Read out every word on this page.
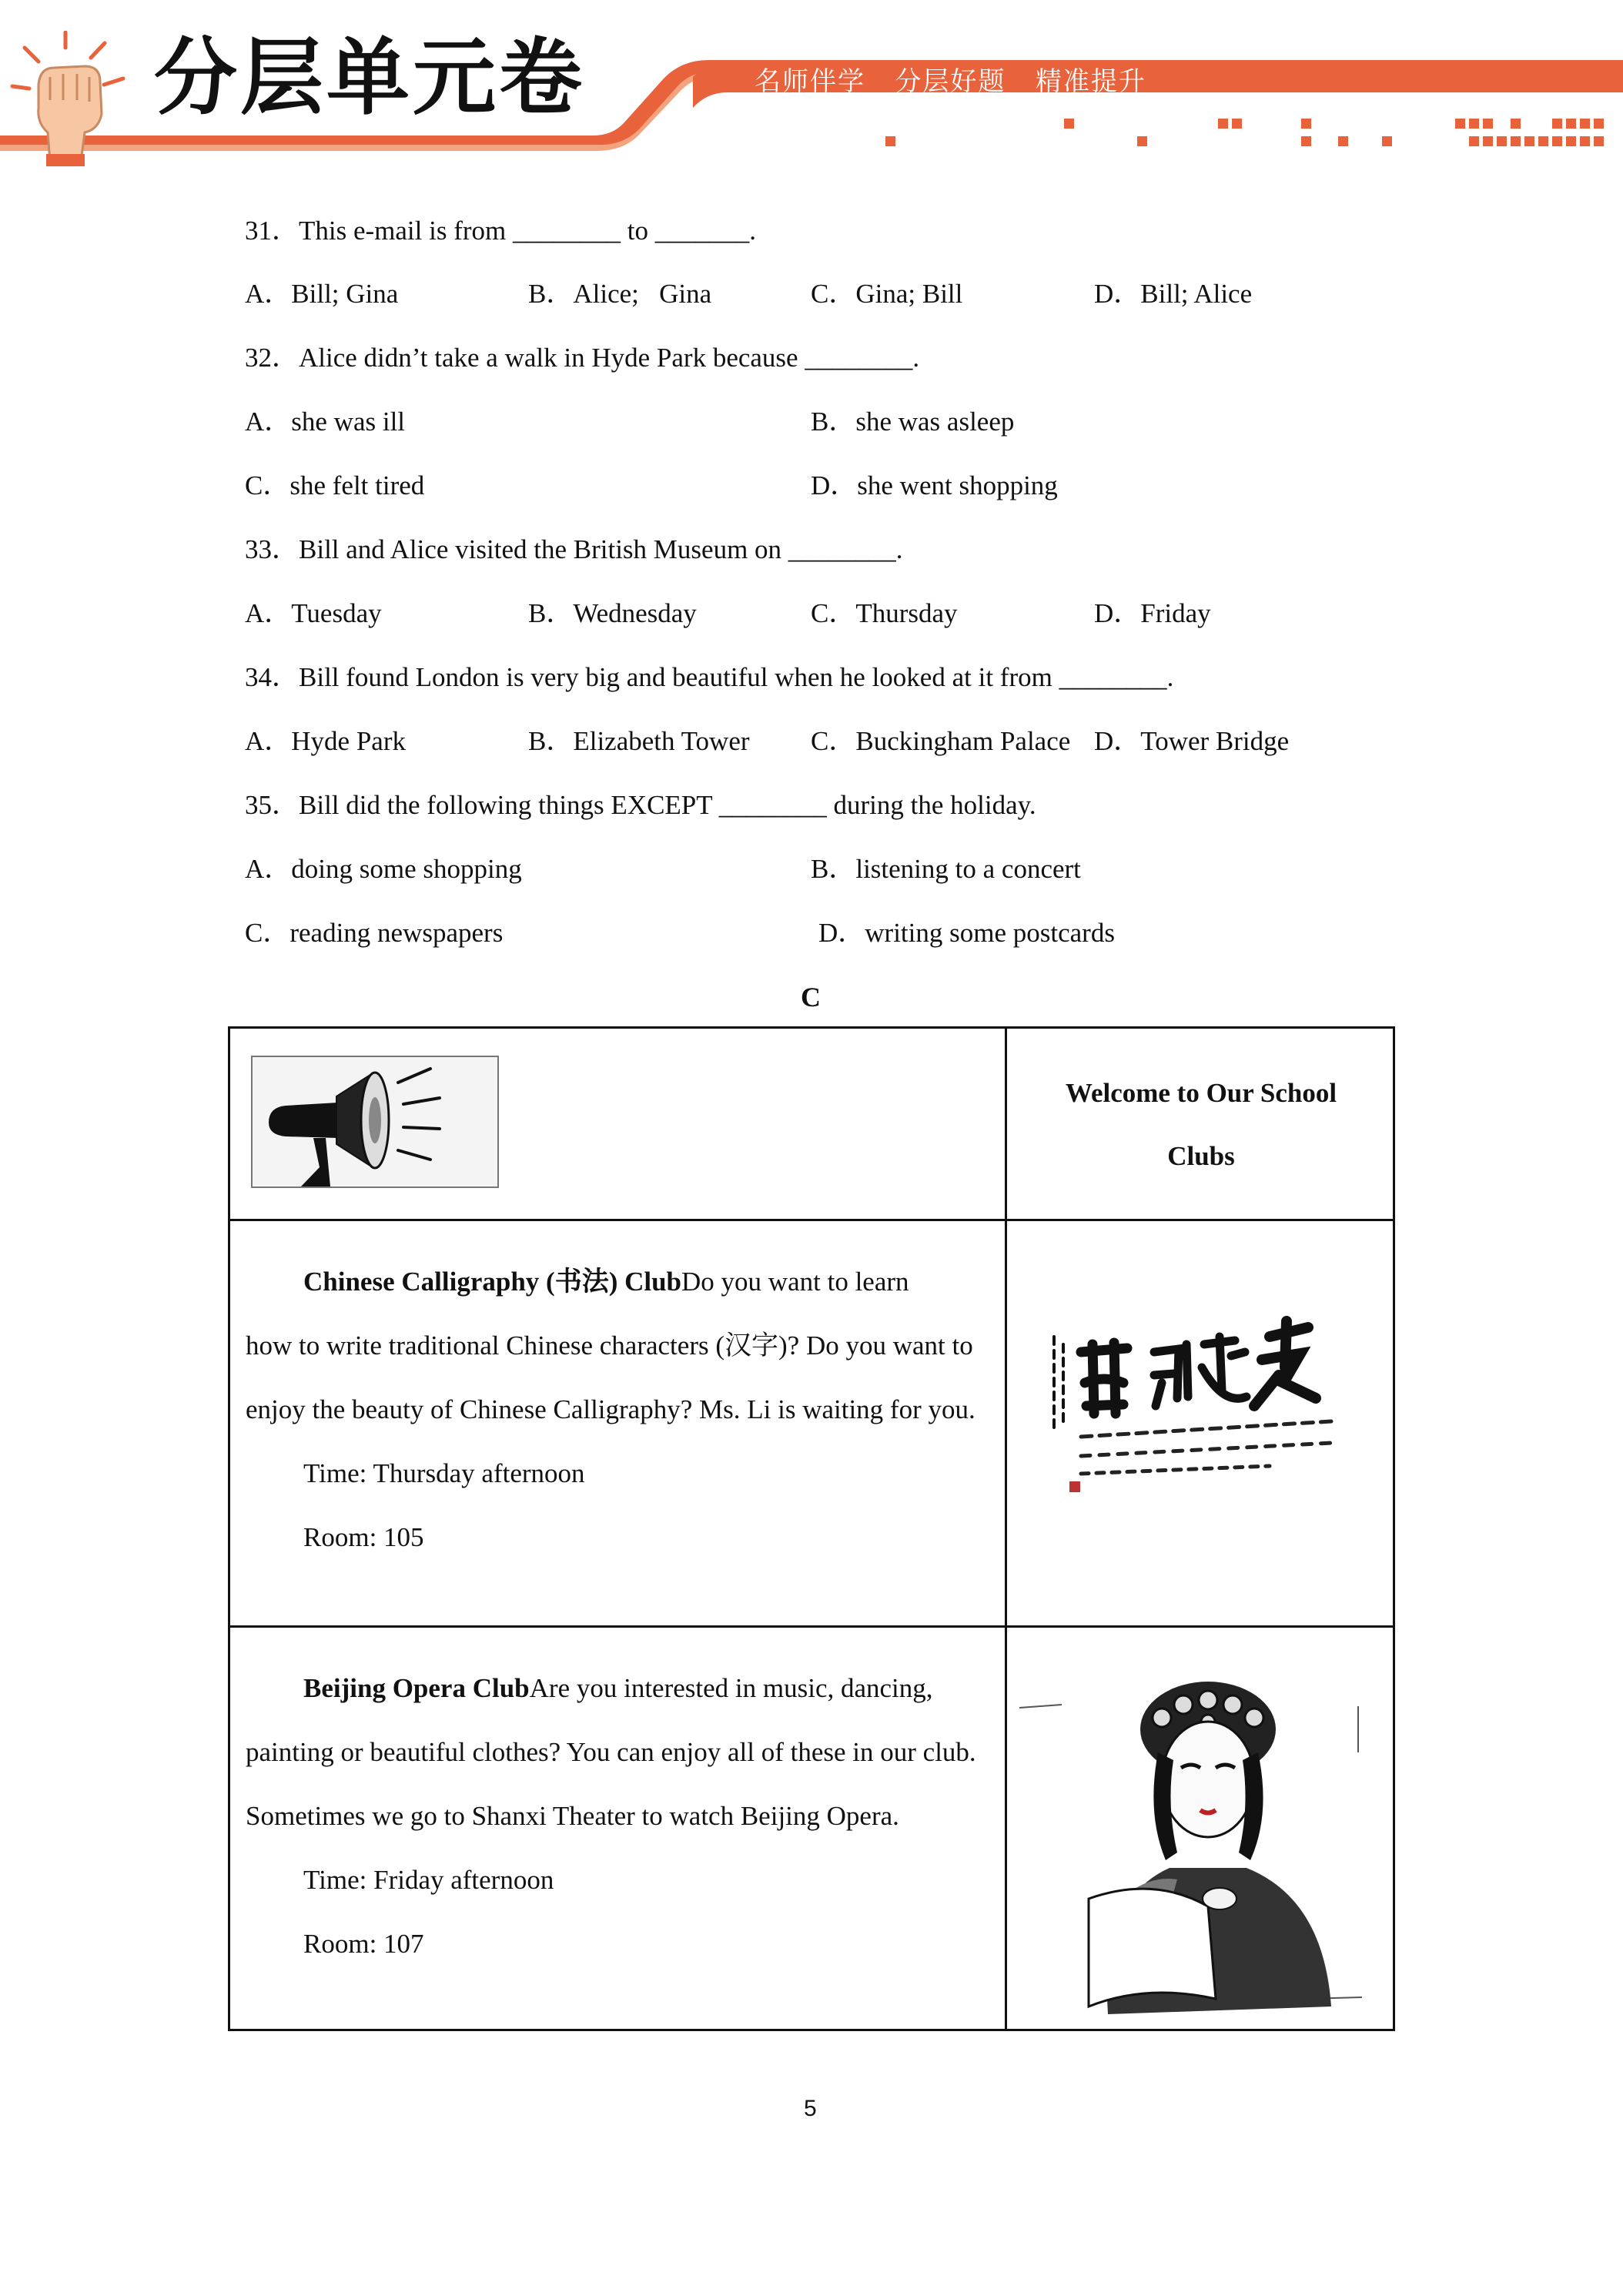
分层单元卷	名师伴学   分层好题   精准提升
31．This e-mail is from ________ to _______.
A．Bill; Gina	B．Alice;   Gina	C．Gina; Bill	D．Bill; Alice
32．Alice didn’t take a walk in Hyde Park because ________.
A．she was ill	B．she was asleep
C．she felt tired	D．she went shopping
33．Bill and Alice visited the British Museum on ________.
A．Tuesday	B．Wednesday	C．Thursday	D．Friday
34．Bill found London is very big and beautiful when he looked at it from ________.
A．Hyde Park	B．Elizabeth Tower C．Buckingham Palace D．Tower Bridge
35．Bill did the following things EXCEPT ________ during the holiday.
A．doing some shopping	B．listening to a concert
C．reading newspapers	D．writing some postcards
C
Welcome to Our School
Clubs

Chinese Calligraphy (书法) ClubDo you want to learn

how to write traditional Chinese characters (汉字)? Do you want to enjoy the beauty of Chinese Calligraphy? Ms. Li is waiting for you.

Time: Thursday afternoon

Room: 105

Beijing Opera ClubAre you interested in music, dancing,

painting or beautiful clothes? You can enjoy all of these in our club. Sometimes we go to Shanxi Theater to watch Beijing Opera.

Time: Friday afternoon

Room: 107

5
